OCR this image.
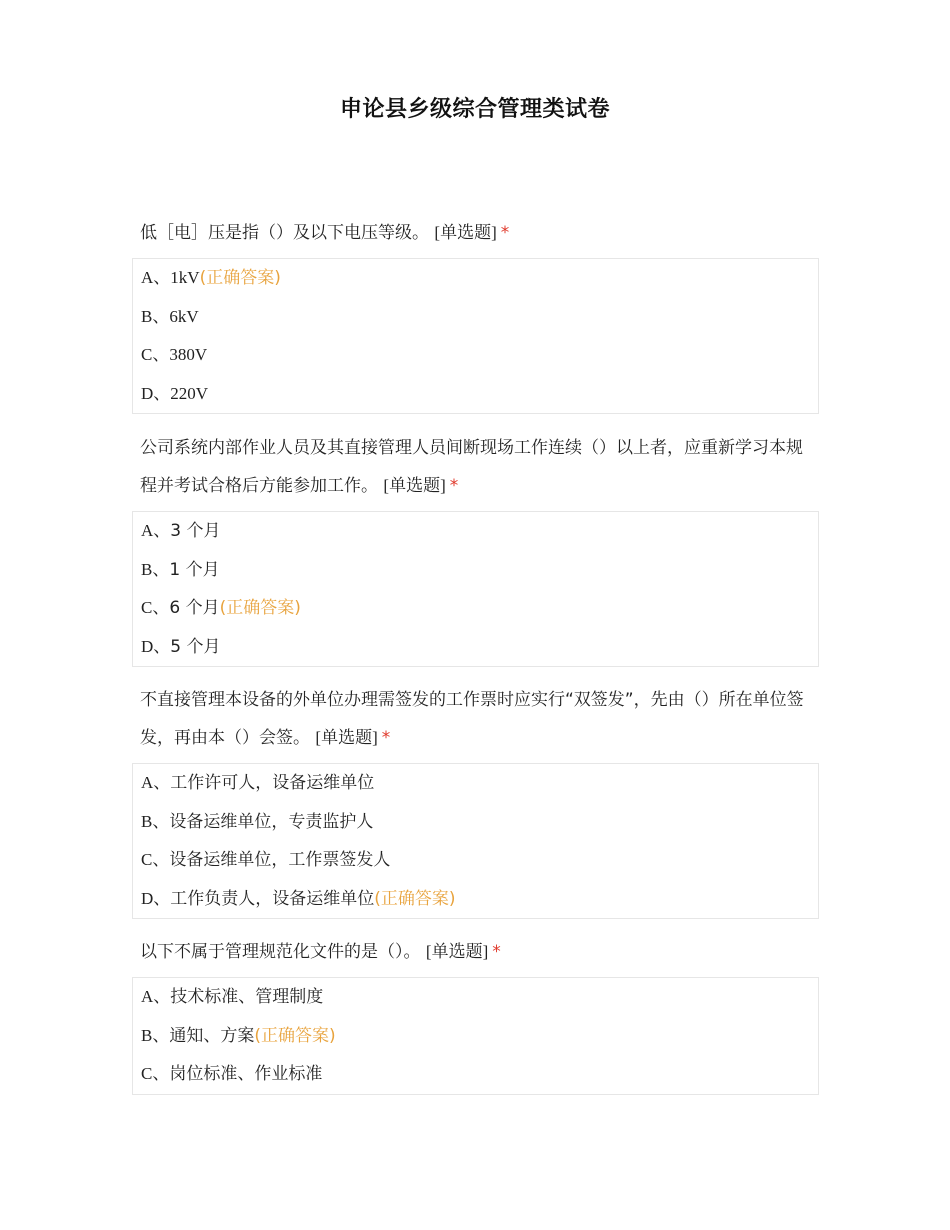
申论县乡级综合管理类试卷
低［电］压是指（）及以下电压等级。 [单选题] *
A、1kV(正确答案)
B、6kV
C、380V
D、220V
公司系统内部作业人员及其直接管理人员间断现场工作连续（）以上者，应重新学习本规程并考试合格后方能参加工作。 [单选题] *
A、3 个月
B、1 个月
C、6 个月(正确答案)
D、5 个月
不直接管理本设备的外单位办理需签发的工作票时应实行“双签发”，先由（）所在单位签发，再由本（）会签。 [单选题] *
A、工作许可人，设备运维单位
B、设备运维单位，专责监护人
C、设备运维单位，工作票签发人
D、工作负责人，设备运维单位(正确答案)
以下不属于管理规范化文件的是（）。 [单选题] *
A、技术标准、管理制度
B、通知、方案(正确答案)
C、岗位标准、作业标准
